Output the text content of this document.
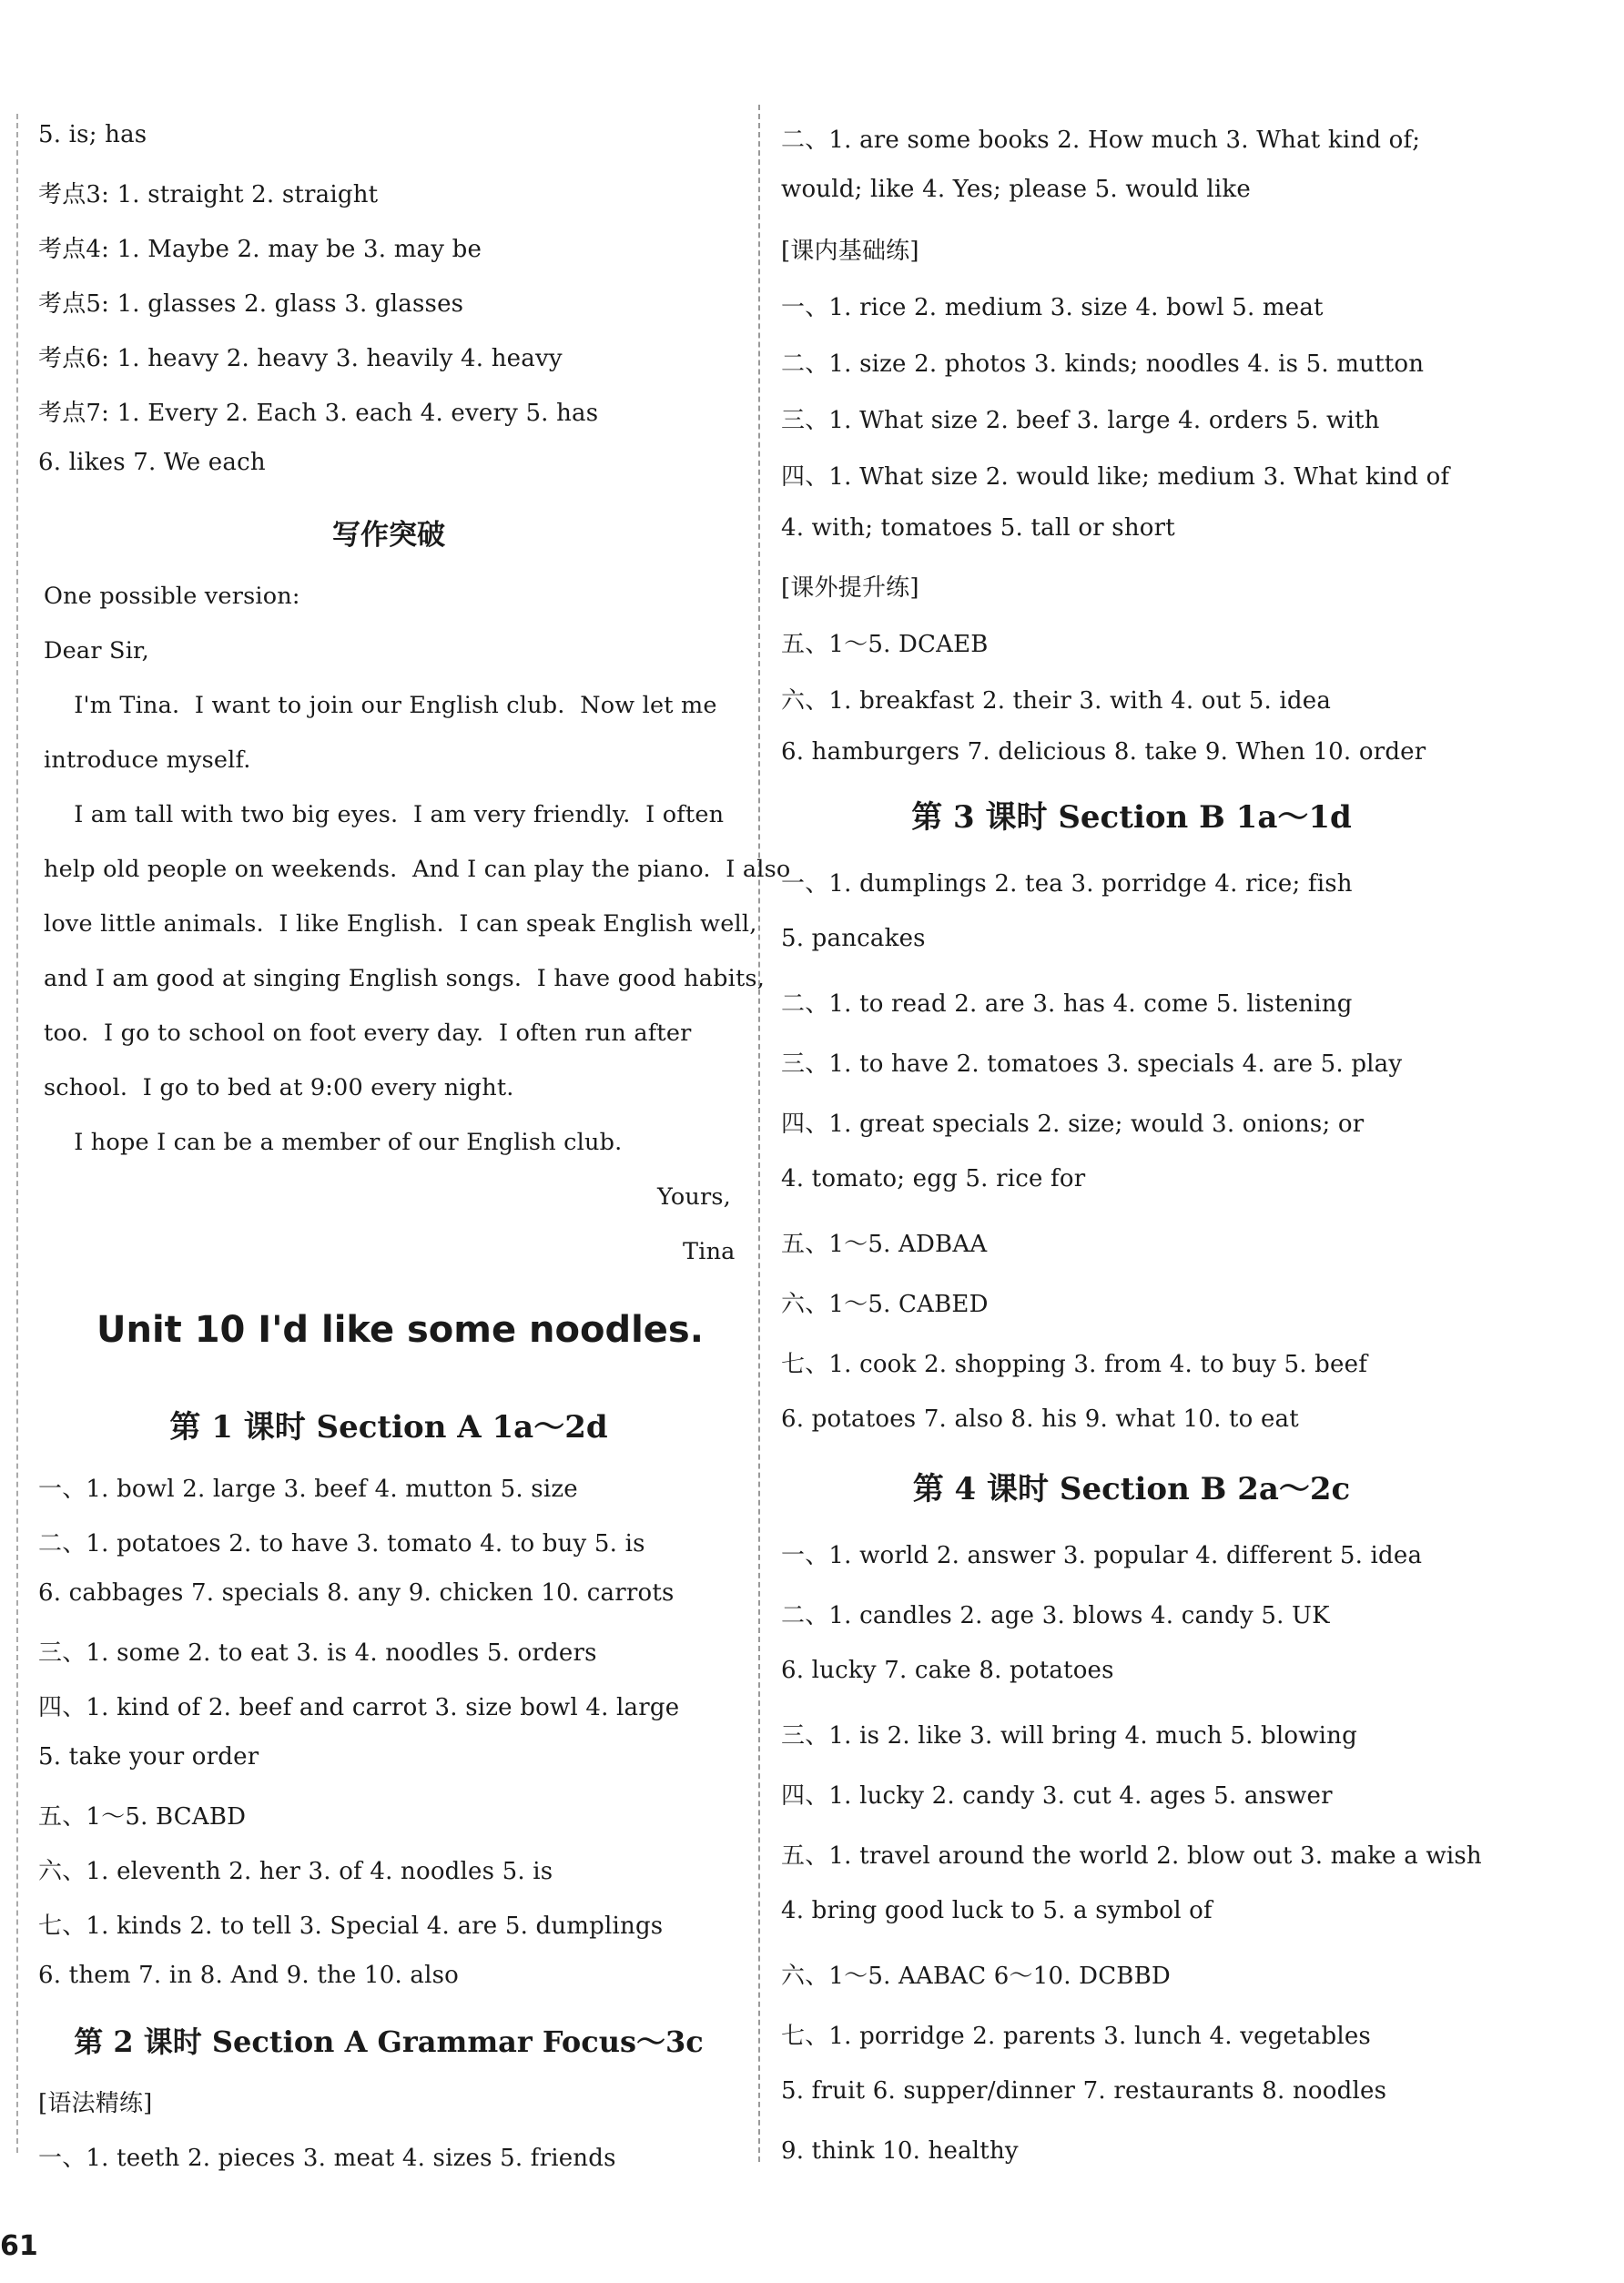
5. is; has
考点3: 1. straight 2. straight
考点4: 1. Maybe 2. may be 3. may be
考点5: 1. glasses 2. glass 3. glasses
考点6: 1. heavy 2. heavy 3. heavily 4. heavy
考点7: 1. Every 2. Each 3. each 4. every 5. has
6. likes 7. We each
写作突破
One possible version:
Dear Sir,
I'm Tina.  I want to join our English club.  Now let me
introduce myself.
I am tall with two big eyes.  I am very friendly.  I often
help old people on weekends.  And I can play the piano.  I also
love little animals.  I like English.  I can speak English well,
and I am good at singing English songs.  I have good habits,
too.  I go to school on foot every day.  I often run after
school.  I go to bed at 9:00 every night.
I hope I can be a member of our English club.
Yours,
Tina
Unit 10 I'd like some noodles.
第 1 课时 Section A 1a～2d
一、1. bowl 2. large 3. beef 4. mutton 5. size
二、1. potatoes 2. to have 3. tomato 4. to buy 5. is
6. cabbages 7. specials 8. any 9. chicken 10. carrots
三、1. some 2. to eat 3. is 4. noodles 5. orders
四、1. kind of 2. beef and carrot 3. size bowl 4. large
5. take your order
五、1～5. BCABD
六、1. eleventh 2. her 3. of 4. noodles 5. is
七、1. kinds 2. to tell 3. Special 4. are 5. dumplings
6. them 7. in 8. And 9. the 10. also
第 2 课时 Section A Grammar Focus～3c
[语法精练]
一、1. teeth 2. pieces 3. meat 4. sizes 5. friends
61
二、1. are some books 2. How much 3. What kind of;
would; like 4. Yes; please 5. would like
[课内基础练]
一、1. rice 2. medium 3. size 4. bowl 5. meat
二、1. size 2. photos 3. kinds; noodles 4. is 5. mutton
三、1. What size 2. beef 3. large 4. orders 5. with
四、1. What size 2. would like; medium 3. What kind of
4. with; tomatoes 5. tall or short
[课外提升练]
五、1～5. DCAEB
六、1. breakfast 2. their 3. with 4. out 5. idea
6. hamburgers 7. delicious 8. take 9. When 10. order
第 3 课时 Section B 1a～1d
一、1. dumplings 2. tea 3. porridge 4. rice; fish
5. pancakes
二、1. to read 2. are 3. has 4. come 5. listening
三、1. to have 2. tomatoes 3. specials 4. are 5. play
四、1. great specials 2. size; would 3. onions; or
4. tomato; egg 5. rice for
五、1～5. ADBAA
六、1～5. CABED
七、1. cook 2. shopping 3. from 4. to buy 5. beef
6. potatoes 7. also 8. his 9. what 10. to eat
第 4 课时 Section B 2a～2c
一、1. world 2. answer 3. popular 4. different 5. idea
二、1. candles 2. age 3. blows 4. candy 5. UK
6. lucky 7. cake 8. potatoes
三、1. is 2. like 3. will bring 4. much 5. blowing
四、1. lucky 2. candy 3. cut 4. ages 5. answer
五、1. travel around the world 2. blow out 3. make a wish
4. bring good luck to 5. a symbol of
六、1～5. AABAC 6～10. DCBBD
七、1. porridge 2. parents 3. lunch 4. vegetables
5. fruit 6. supper/dinner 7. restaurants 8. noodles
9. think 10. healthy
